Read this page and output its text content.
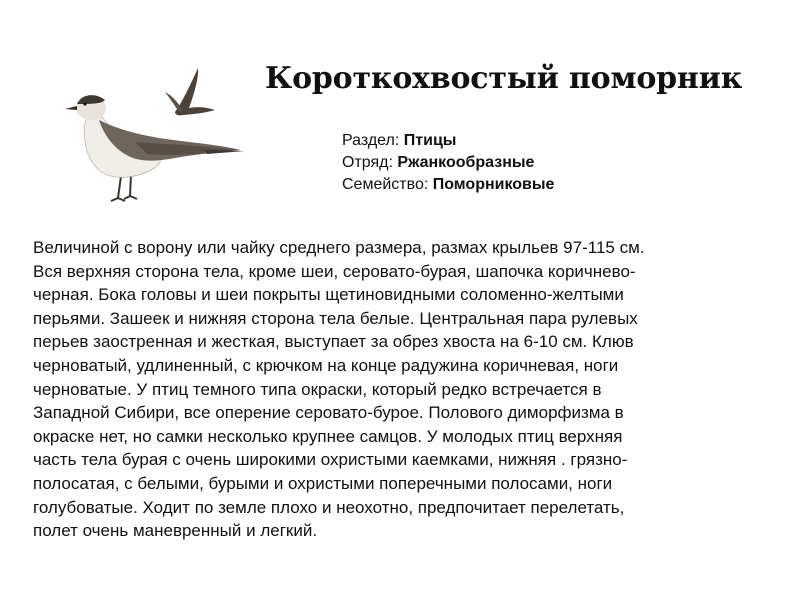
Короткохвостый поморник
Раздел: Птицы
Отряд: Ржанкообразные
Семейство: Поморниковые

Величиной с ворону или чайку среднего размера, размах крыльев 97-115 см.
Вся верхняя сторона тела, кроме шеи, серовато-бурая, шапочка коричнево-
черная. Бока головы и шеи покрыты щетиновидными соломенно-желтыми
перьями. Зашеек и нижняя сторона тела белые. Центральная пара рулевых
перьев заостренная и жесткая, выступает за обрез хвоста на 6-10 см. Клюв
черноватый, удлиненный, с крючком на конце радужина коричневая, ноги
черноватые. У птиц темного типа окраски, который редко встречается в
Западной Сибири, все оперение серовато-бурое. Полового диморфизма в
окраске нет, но самки несколько крупнее самцов. У молодых птиц верхняя
часть тела бурая с очень широкими охристыми каемками, нижняя . грязно-
полосатая, с белыми, бурыми и охристыми поперечными полосами, ноги
голубоватые. Ходит по земле плохо и неохотно, предпочитает перелетать,
полет очень маневренный и легкий.
